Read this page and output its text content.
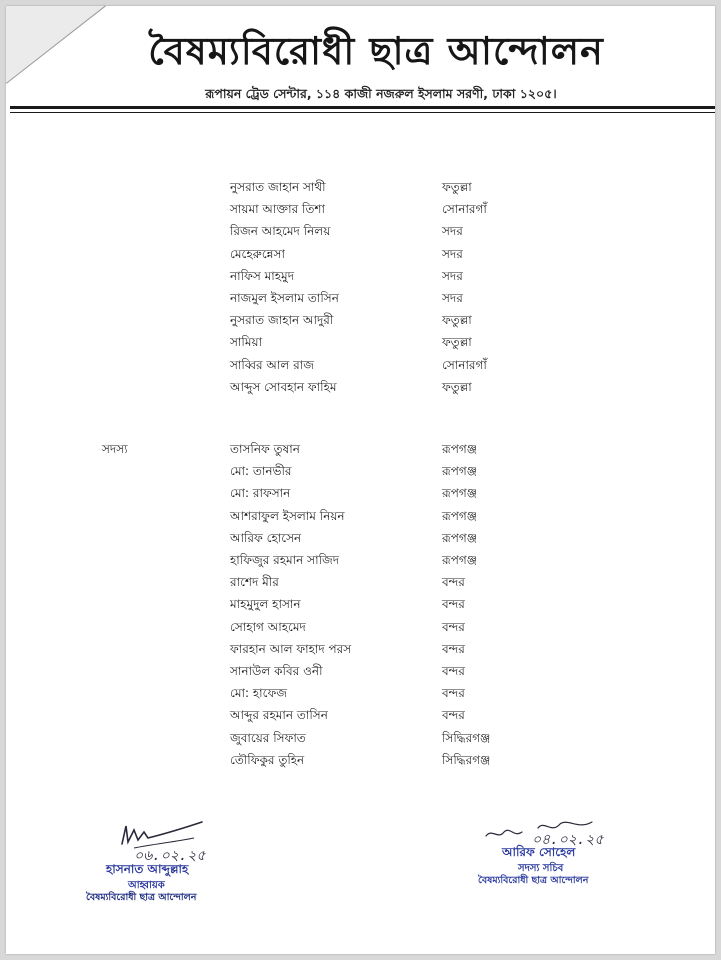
বৈষম্যবিরোধী ছাত্র আন্দোলন
রূপায়ন ট্রেড সেন্টার, ১১৪ কাজী নজরুল ইসলাম সরণী, ঢাকা ১২০৫।
নুসরাত জাহান সাথী	ফতুল্লা
সায়মা আক্তার তিশা	সোনারগাঁ
রিজন আহমেদ নিলয়	সদর
মেহেরুন্নেসা	সদর
নাফিস মাহমুদ	সদর
নাজমুল ইসলাম তাসিন	সদর
নুসরাত জাহান আদুরী	ফতুল্লা
সামিয়া	ফতুল্লা
সাব্বির আল রাজ	সোনারগাঁ
আব্দুস সোবহান ফাহিম	ফতুল্লা
সদস্য	তাসনিফ তুষান	রূপগঞ্জ
মো: তানভীর	রূপগঞ্জ
মো: রাফসান	রূপগঞ্জ
আশরাফুল ইসলাম নিয়ন	রূপগঞ্জ
আরিফ হোসেন	রূপগঞ্জ
হাফিজুর রহমান সাজিদ	রূপগঞ্জ
রাশেদ মীর	বন্দর
মাহমুদুল হাসান	বন্দর
সোহাগ আহমেদ	বন্দর
ফারহান আল ফাহাদ পরস	বন্দর
সানাউল কবির ওনী	বন্দর
মো: হাফেজ	বন্দর
আব্দুর রহমান তাসিন	বন্দর
জুবায়ের সিফাত	সিদ্ধিরগঞ্জ
তৌফিকুর তুহিন	সিদ্ধিরগঞ্জ
০৬.০২.২৫
হাসনাত আব্দুল্লাহ
আহ্বায়ক
বৈষম্যবিরোধী ছাত্র আন্দোলন
০৪.০২.২৫
আরিফ সোহেল
সদস্য সচিব
বৈষম্যবিরোধী ছাত্র আন্দোলন
